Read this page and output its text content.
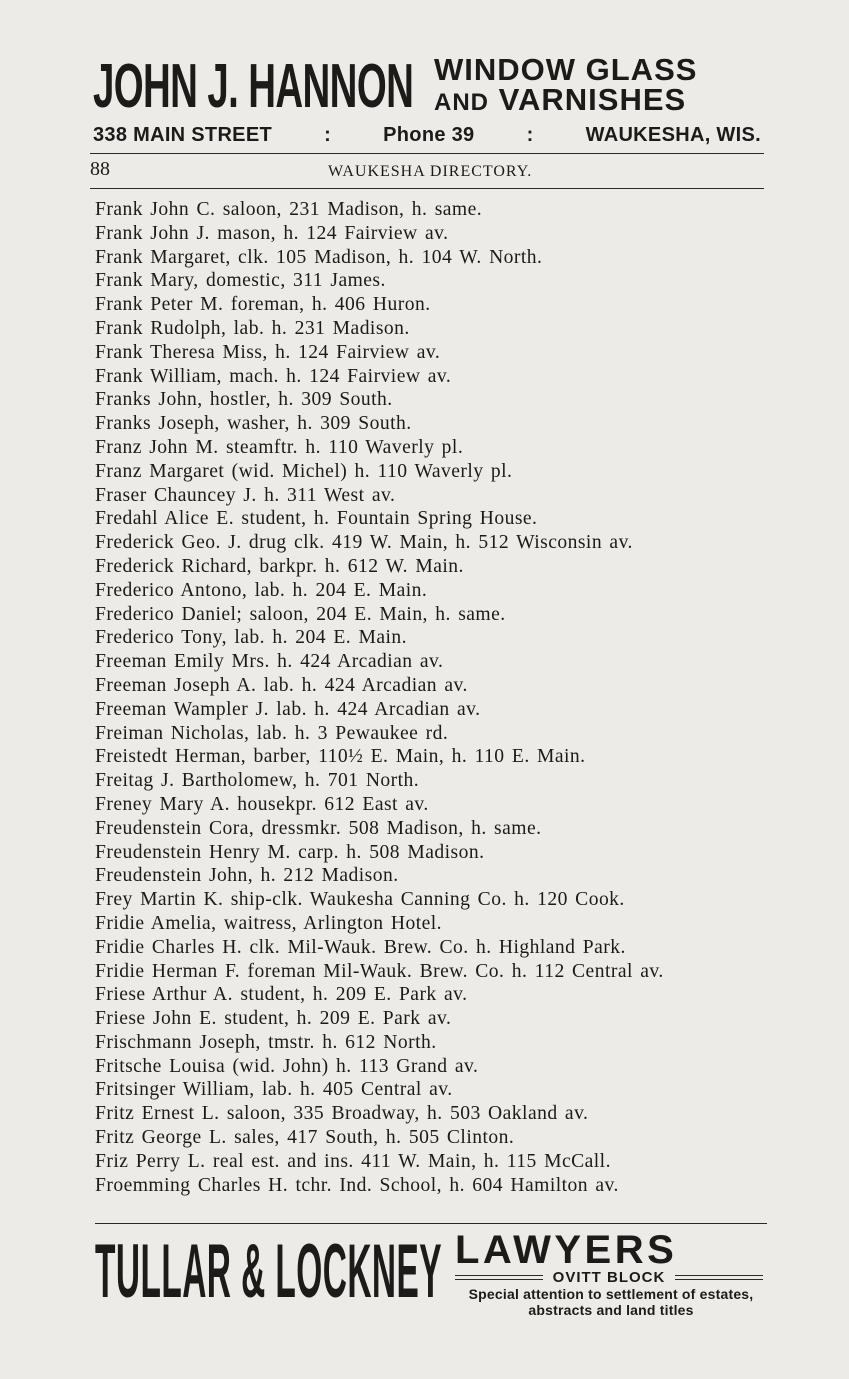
JOHN J. HANNON WINDOW GLASS
AND VARNISHES
338 MAIN STREET	:	Phone 39	:	WAUKESHA, WIS.
88	WAUKESHA DIRECTORY.
Frank John C. saloon, 231 Madison, h. same.
Frank John J. mason, h. 124 Fairview av.
Frank Margaret, clk. 105 Madison, h. 104 W. North.
Frank Mary, domestic, 311 James.
Frank Peter M. foreman, h. 406 Huron.
Frank Rudolph, lab. h. 231 Madison.
Frank Theresa Miss, h. 124 Fairview av.
Frank William, mach. h. 124 Fairview av.
Franks John, hostler, h. 309 South.
Franks Joseph, washer, h. 309 South.
Franz John M. steamftr. h. 110 Waverly pl.
Franz Margaret (wid. Michel) h. 110 Waverly pl.
Fraser Chauncey J. h. 311 West av.
Fredahl Alice E. student, h. Fountain Spring House.
Frederick Geo. J. drug clk. 419 W. Main, h. 512 Wisconsin av.
Frederick Richard, barkpr. h. 612 W. Main.
Frederico Antono, lab. h. 204 E. Main.
Frederico Daniel; saloon, 204 E. Main, h. same.
Frederico Tony, lab. h. 204 E. Main.
Freeman Emily Mrs. h. 424 Arcadian av.
Freeman Joseph A. lab. h. 424 Arcadian av.
Freeman Wampler J. lab. h. 424 Arcadian av.
Freiman Nicholas, lab. h. 3 Pewaukee rd.
Freistedt Herman, barber, 110½ E. Main, h. 110 E. Main.
Freitag J. Bartholomew, h. 701 North.
Freney Mary A. housekpr. 612 East av.
Freudenstein Cora, dressmkr. 508 Madison, h. same.
Freudenstein Henry M. carp. h. 508 Madison.
Freudenstein John, h. 212 Madison.
Frey Martin K. ship-clk. Waukesha Canning Co. h. 120 Cook.
Fridie Amelia, waitress, Arlington Hotel.
Fridie Charles H. clk. Mil-Wauk. Brew. Co. h. Highland Park.
Fridie Herman F. foreman Mil-Wauk. Brew. Co. h. 112 Central av.
Friese Arthur A. student, h. 209 E. Park av.
Friese John E. student, h. 209 E. Park av.
Frischmann Joseph, tmstr. h. 612 North.
Fritsche Louisa (wid. John) h. 113 Grand av.
Fritsinger William, lab. h. 405 Central av.
Fritz Ernest L. saloon, 335 Broadway, h. 503 Oakland av.
Fritz George L. sales, 417 South, h. 505 Clinton.
Friz Perry L. real est. and ins. 411 W. Main, h. 115 McCall.
Froemming Charles H. tchr. Ind. School, h. 604 Hamilton av.
TULLAR & LOCKNEY LAWYERS
OVITT BLOCK
Special attention to settlement of estates, abstracts and land titles
